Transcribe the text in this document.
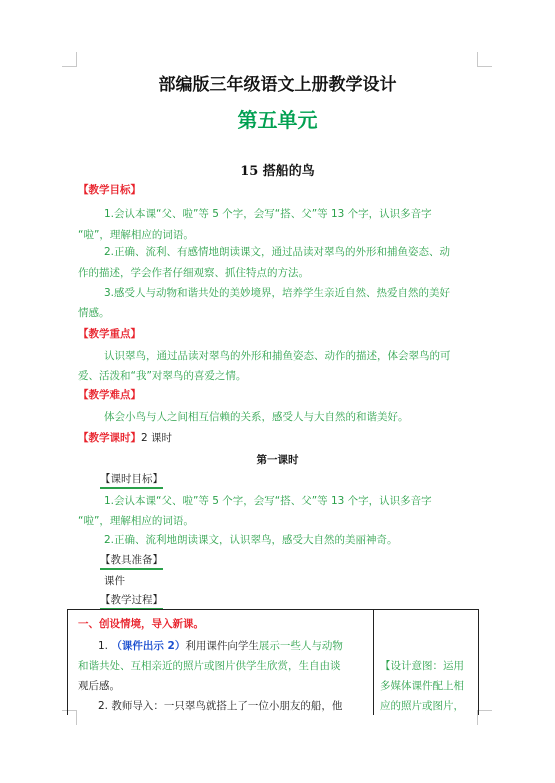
部编版三年级语文上册教学设计
第五单元
15 搭船的鸟
【教学目标】
1.会认本课“父、啦”等 5 个字，会写“搭、父”等 13 个字，认识多音字
“啦”，理解相应的词语。
2.正确、流利、有感情地朗读课文，通过品读对翠鸟的外形和捕鱼姿态、动
作的描述，学会作者仔细观察、抓住特点的方法。
3.感受人与动物和谐共处的美妙境界，培养学生亲近自然、热爱自然的美好
情感。
【教学重点】
认识翠鸟，通过品读对翠鸟的外形和捕鱼姿态、动作的描述，体会翠鸟的可
爱、活泼和“我”对翠鸟的喜爱之情。
【教学难点】
体会小鸟与人之间相互信赖的关系，感受人与大自然的和谐美好。
【教学课时】2 课时
第一课时
【课时目标】
1.会认本课“父、啦”等 5 个字，会写“搭、父”等 13 个字，认识多音字
“啦”，理解相应的词语。
2.正确、流利地朗读课文，认识翠鸟，感受大自然的美丽神奇。
【教具准备】
课件
【教学过程】
一、创设情境，导入新课。
1. （课件出示 2）利用课件向学生展示一些人与动物
和谐共处、互相亲近的照片或图片供学生欣赏，生自由谈
观后感。
2. 教师导入：一只翠鸟就搭上了一位小朋友的船，他
【设计意图：运用
多媒体课件配上相
应的照片或图片，
